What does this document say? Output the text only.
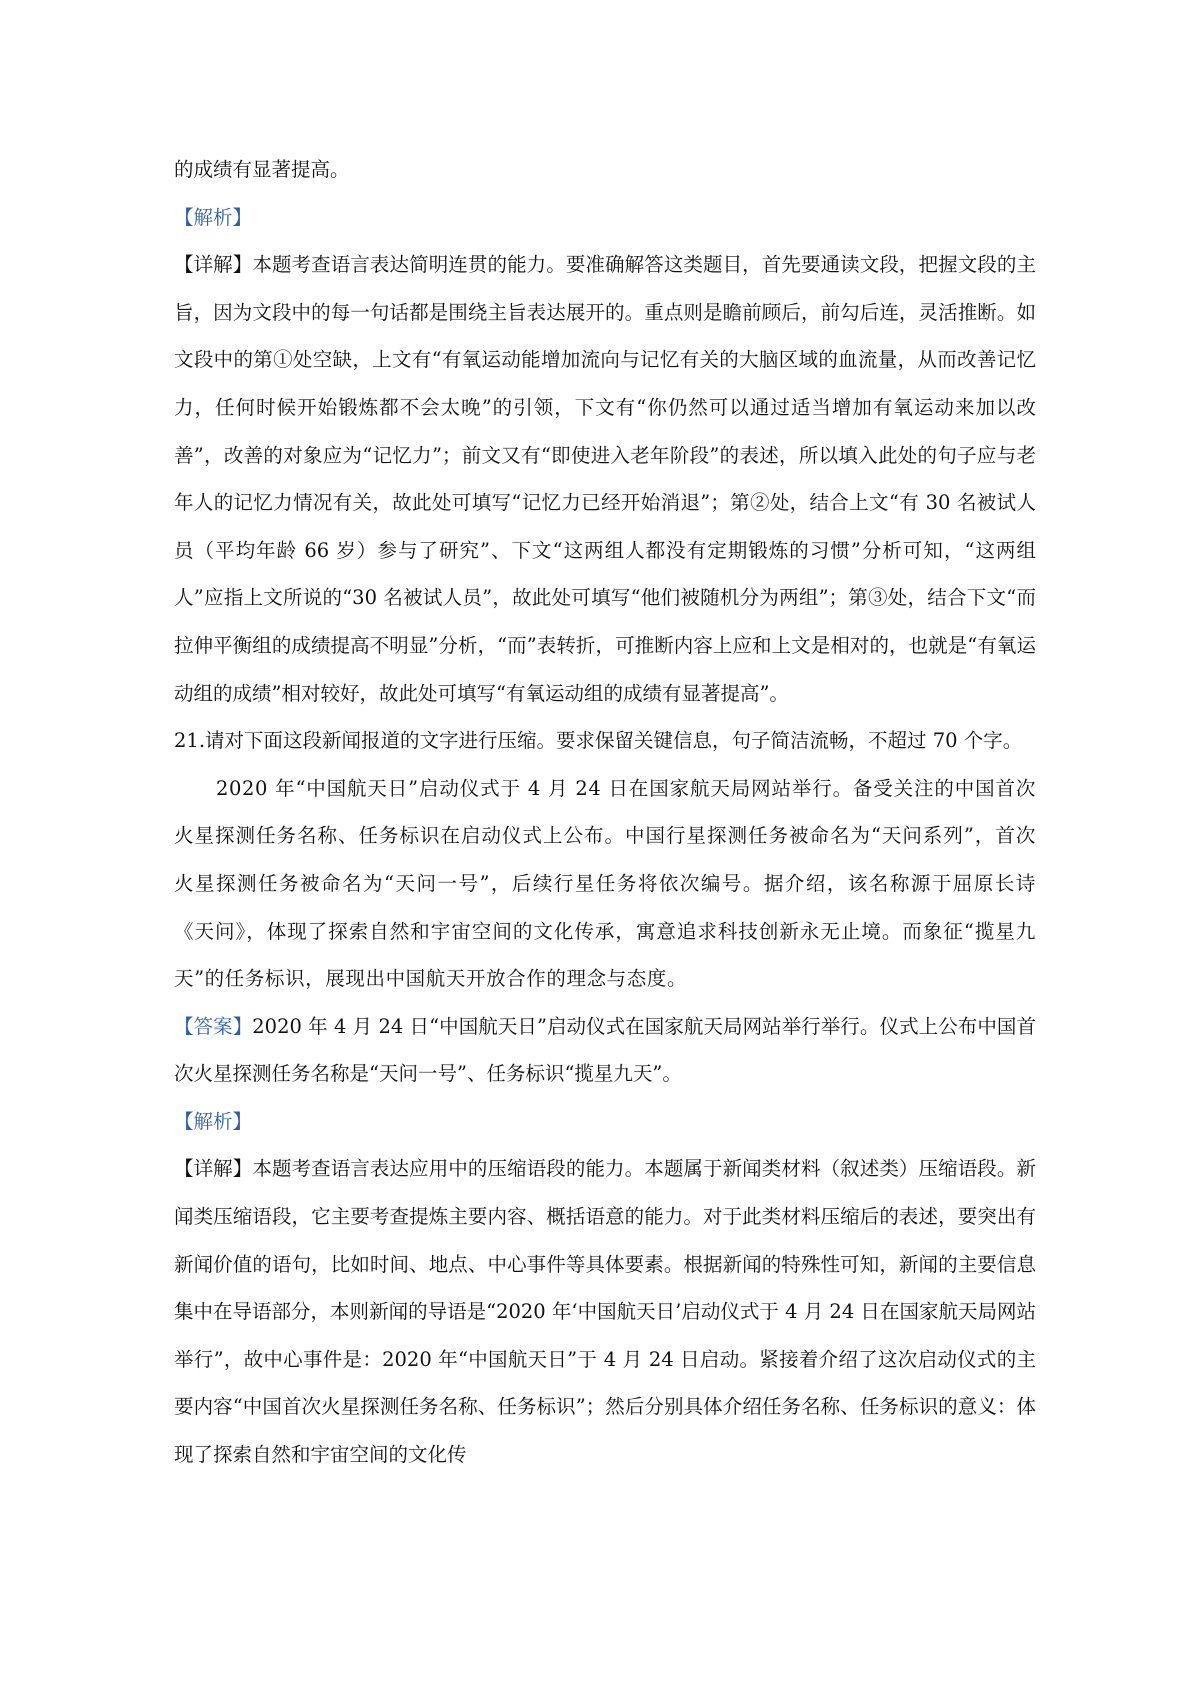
的成绩有显著提高。

【解析】

【详解】本题考查语言表达简明连贯的能力。要准确解答这类题目，首先要通读文段，把握文段的主旨，因为文段中的每一句话都是围绕主旨表达展开的。重点则是瞻前顾后，前勾后连，灵活推断。如文段中的第①处空缺，上文有“有氧运动能增加流向与记忆有关的大脑区域的血流量，从而改善记忆力，任何时候开始锻炼都不会太晚”的引领，下文有“你仍然可以通过适当增加有氧运动来加以改善”，改善的对象应为“记忆力”；前文又有“即使进入老年阶段”的表述，所以填入此处的句子应与老年人的记忆力情况有关，故此处可填写“记忆力已经开始消退”；第②处，结合上文“有 30 名被试人员（平均年龄 66 岁）参与了研究”、下文“这两组人都没有定期锻炼的习惯”分析可知，“这两组人”应指上文所说的“30 名被试人员”，故此处可填写“他们被随机分为两组”；第③处，结合下文“而拉伸平衡组的成绩提高不明显”分析，“而”表转折，可推断内容上应和上文是相对的，也就是“有氧运动组的成绩”相对较好，故此处可填写“有氧运动组的成绩有显著提高”。

21.请对下面这段新闻报道的文字进行压缩。要求保留关键信息，句子简洁流畅，不超过 70 个字。

2020 年“中国航天日”启动仪式于 4 月 24 日在国家航天局网站举行。备受关注的中国首次火星探测任务名称、任务标识在启动仪式上公布。中国行星探测任务被命名为“天问系列”，首次火星探测任务被命名为“天问一号”，后续行星任务将依次编号。据介绍，该名称源于屈原长诗《天问》，体现了探索自然和宇宙空间的文化传承，寓意追求科技创新永无止境。而象征“揽星九天”的任务标识，展现出中国航天开放合作的理念与态度。

【答案】2020 年 4 月 24 日“中国航天日”启动仪式在国家航天局网站举行举行。仪式上公布中国首次火星探测任务名称是“天问一号”、任务标识“揽星九天”。

【解析】

【详解】本题考查语言表达应用中的压缩语段的能力。本题属于新闻类材料（叙述类）压缩语段。新闻类压缩语段，它主要考查提炼主要内容、概括语意的能力。对于此类材料压缩后的表述，要突出有新闻价值的语句，比如时间、地点、中心事件等具体要素。根据新闻的特殊性可知，新闻的主要信息集中在导语部分，本则新闻的导语是“2020 年‘中国航天日’启动仪式于 4 月 24 日在国家航天局网站举行”，故中心事件是：2020 年“中国航天日”于 4 月 24 日启动。紧接着介绍了这次启动仪式的主要内容“中国首次火星探测任务名称、任务标识”；然后分别具体介绍任务名称、任务标识的意义：体现了探索自然和宇宙空间的文化传
